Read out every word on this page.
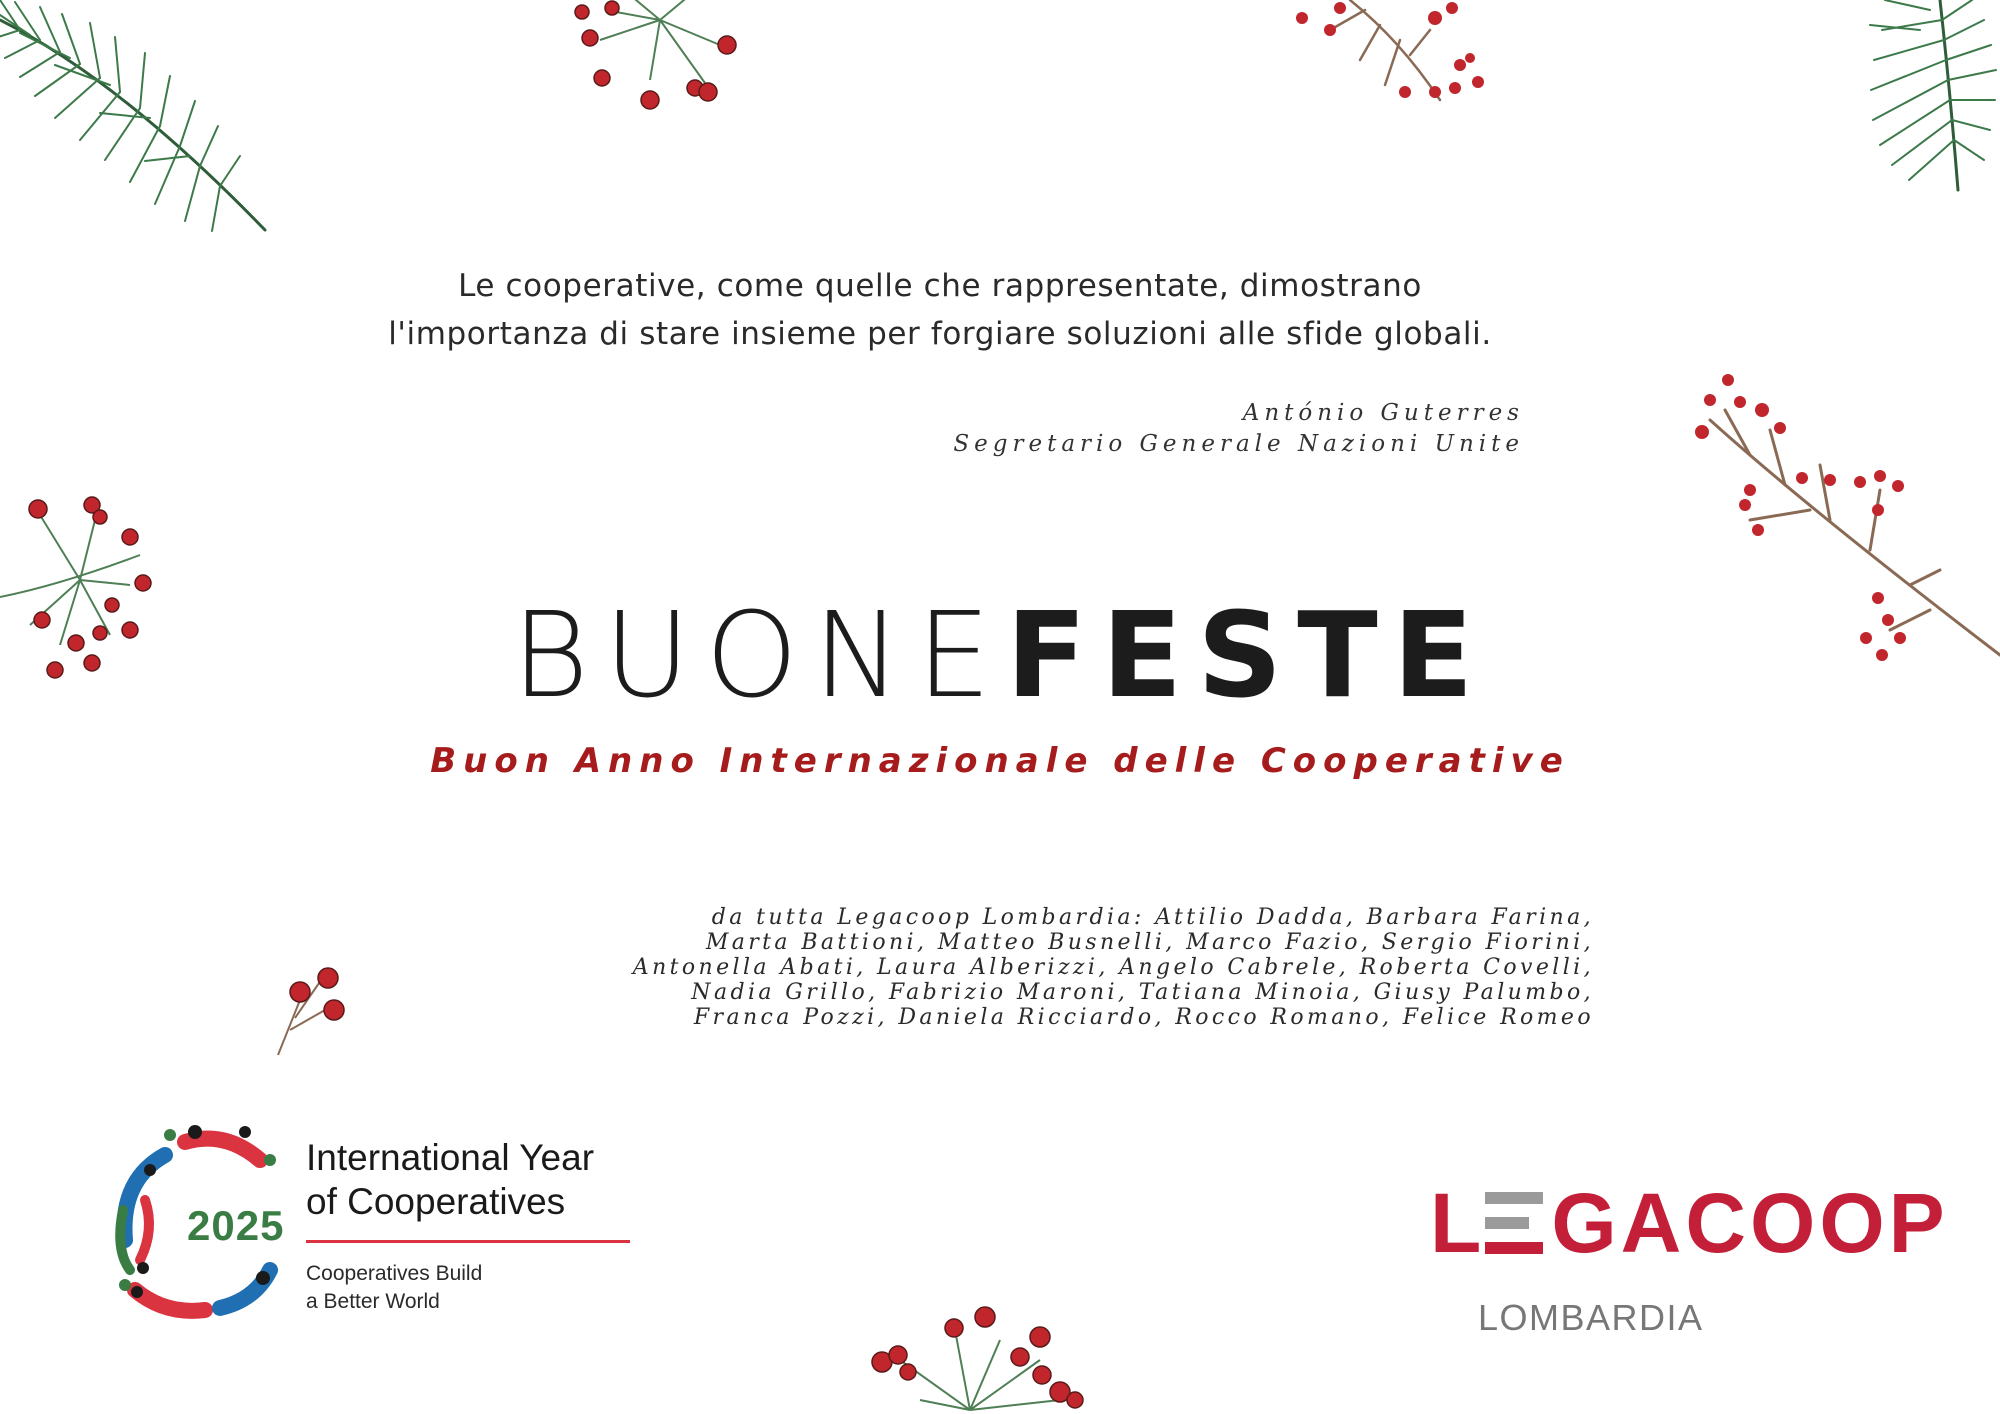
Le cooperative, come quelle che rappresentate, dimostrano
l'importanza di stare insieme per forgiare soluzioni alle sfide globali.
António Guterres
Segretario Generale Nazioni Unite
BUONEFESTE
Buon Anno Internazionale delle Cooperative
da tutta Legacoop Lombardia: Attilio Dadda, Barbara Farina,
Marta Battioni, Matteo Busnelli, Marco Fazio, Sergio Fiorini,
Antonella Abati, Laura Alberizzi, Angelo Cabrele, Roberta Covelli,
Nadia Grillo, Fabrizio Maroni, Tatiana Minoia, Giusy Palumbo,
Franca Pozzi, Daniela Ricciardo, Rocco Romano, Felice Romeo
2025
International Year
of Cooperatives
Cooperatives Build
a Better World
L GACOOP
LOMBARDIA
